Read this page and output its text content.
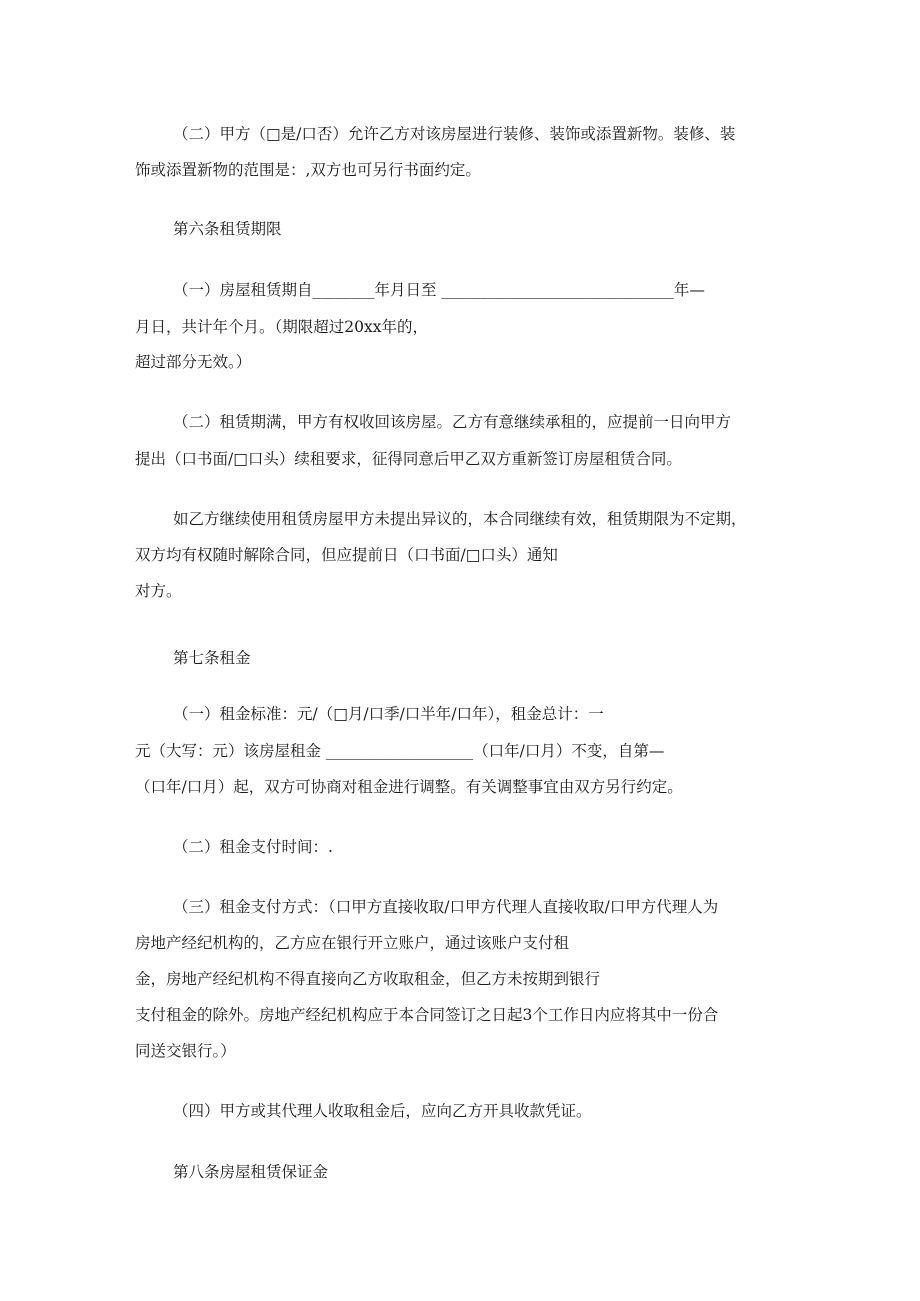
（二）甲方（□是/口否）允许乙方对该房屋进行装修、装饰或添置新物。装修、装
饰或添置新物的范围是：,双方也可另行书面约定。
第六条租赁期限
（一）房屋租赁期自________年月日至 ______________________________年—
月日，共计年个月。（期限超过20xx年的，
超过部分无效。）
（二）租赁期满，甲方有权收回该房屋。乙方有意继续承租的，应提前一日向甲方
提出（口书面/□口头）续租要求，征得同意后甲乙双方重新签订房屋租赁合同。
如乙方继续使用租赁房屋甲方未提出异议的，本合同继续有效，租赁期限为不定期，
双方均有权随时解除合同，但应提前日（口书面/□口头）通知
对方。
第七条租金
（一）租金标准：元/（□月/口季/口半年/口年），租金总计：一
元（大写：元）该房屋租金 ___________________（口年/口月）不变，自第—
（口年/口月）起，双方可协商对租金进行调整。有关调整事宜由双方另行约定。
（二）租金支付时间：.
（三）租金支付方式：（口甲方直接收取/口甲方代理人直接收取/口甲方代理人为
房地产经纪机构的，乙方应在银行开立账户，通过该账户支付租
金，房地产经纪机构不得直接向乙方收取租金，但乙方未按期到银行
支付租金的除外。房地产经纪机构应于本合同签订之日起3个工作日内应将其中一份合
同送交银行。）
（四）甲方或其代理人收取租金后，应向乙方开具收款凭证。
第八条房屋租赁保证金
